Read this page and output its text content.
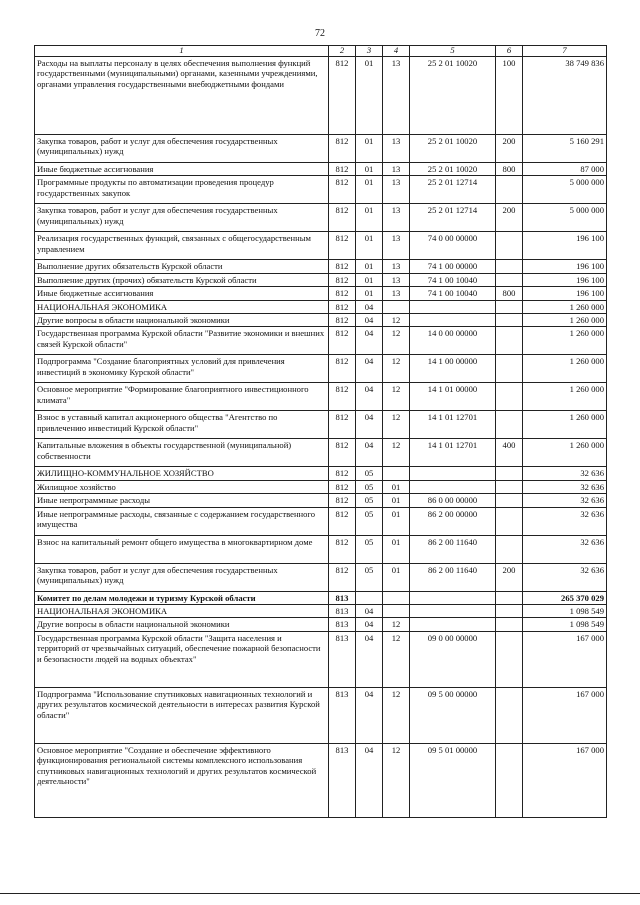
72
1	2	3	4	5	6	7
Расходы на выплаты персоналу в целях обеспечения выполнения функций государственными (муниципальными) органами, казенными учреждениями, органами управления государственными внебюджетными фондами	812	01	13	25 2 01 10020	100	38 749 836
Закупка товаров, работ и услуг для обеспечения государственных (муниципальных) нужд	812	01	13	25 2 01 10020	200	5 160 291
Иные бюджетные ассигнования	812	01	13	25 2 01 10020	800	87 000
Программные продукты по автоматизации проведения процедур государственных закупок	812	01	13	25 2 01 12714		5 000 000
Закупка товаров, работ и услуг для обеспечения государственных (муниципальных) нужд	812	01	13	25 2 01 12714	200	5 000 000
Реализация государственных функций, связанных с общегосударственным управлением	812	01	13	74 0 00 00000		196 100
Выполнение других обязательств Курской области	812	01	13	74 1 00 00000		196 100
Выполнение других (прочих) обязательств Курской области	812	01	13	74 1 00 10040		196 100
Иные бюджетные ассигнования	812	01	13	74 1 00 10040	800	196 100
НАЦИОНАЛЬНАЯ ЭКОНОМИКА	812	04				1 260 000
Другие вопросы в области национальной экономики	812	04	12			1 260 000
Государственная программа Курской области "Развитие экономики и внешних связей Курской области"	812	04	12	14 0 00 00000		1 260 000
Подпрограмма "Создание благоприятных условий для привлечения инвестиций в экономику Курской области"	812	04	12	14 1 00 00000		1 260 000
Основное мероприятие "Формирование благоприятного инвестиционного климата"	812	04	12	14 1 01 00000		1 260 000
Взнос в уставный капитал акционерного общества "Агентство по привлечению инвестиций Курской области"	812	04	12	14 1 01 12701		1 260 000
Капитальные вложения в объекты государственной (муниципальной) собственности	812	04	12	14 1 01 12701	400	1 260 000
ЖИЛИЩНО-КОММУНАЛЬНОЕ ХОЗЯЙСТВО	812	05				32 636
Жилищное хозяйство	812	05	01			32 636
Иные непрограммные расходы	812	05	01	86 0 00 00000		32 636
Иные непрограммные расходы, связанные с содержанием государственного имущества	812	05	01	86 2 00 00000		32 636
Взнос на капитальный ремонт общего имущества в многоквартирном доме	812	05	01	86 2 00 11640		32 636
Закупка товаров, работ и услуг для обеспечения государственных (муниципальных) нужд	812	05	01	86 2 00 11640	200	32 636
Комитет по делам молодежи и туризму Курской области	813					265 370 029
НАЦИОНАЛЬНАЯ ЭКОНОМИКА	813	04				1 098 549
Другие вопросы в области национальной экономики	813	04	12			1 098 549
Государственная программа Курской области "Защита населения и территорий от чрезвычайных ситуаций, обеспечение пожарной безопасности и безопасности людей на водных объектах"	813	04	12	09 0 00 00000		167 000
Подпрограмма "Использование спутниковых навигационных технологий и других результатов космической деятельности в интересах развития Курской области"	813	04	12	09 5 00 00000		167 000
Основное мероприятие "Создание и обеспечение эффективного функционирования региональной системы комплексного использования спутниковых навигационных технологий и других результатов космической деятельности"	813	04	12	09 5 01 00000		167 000
